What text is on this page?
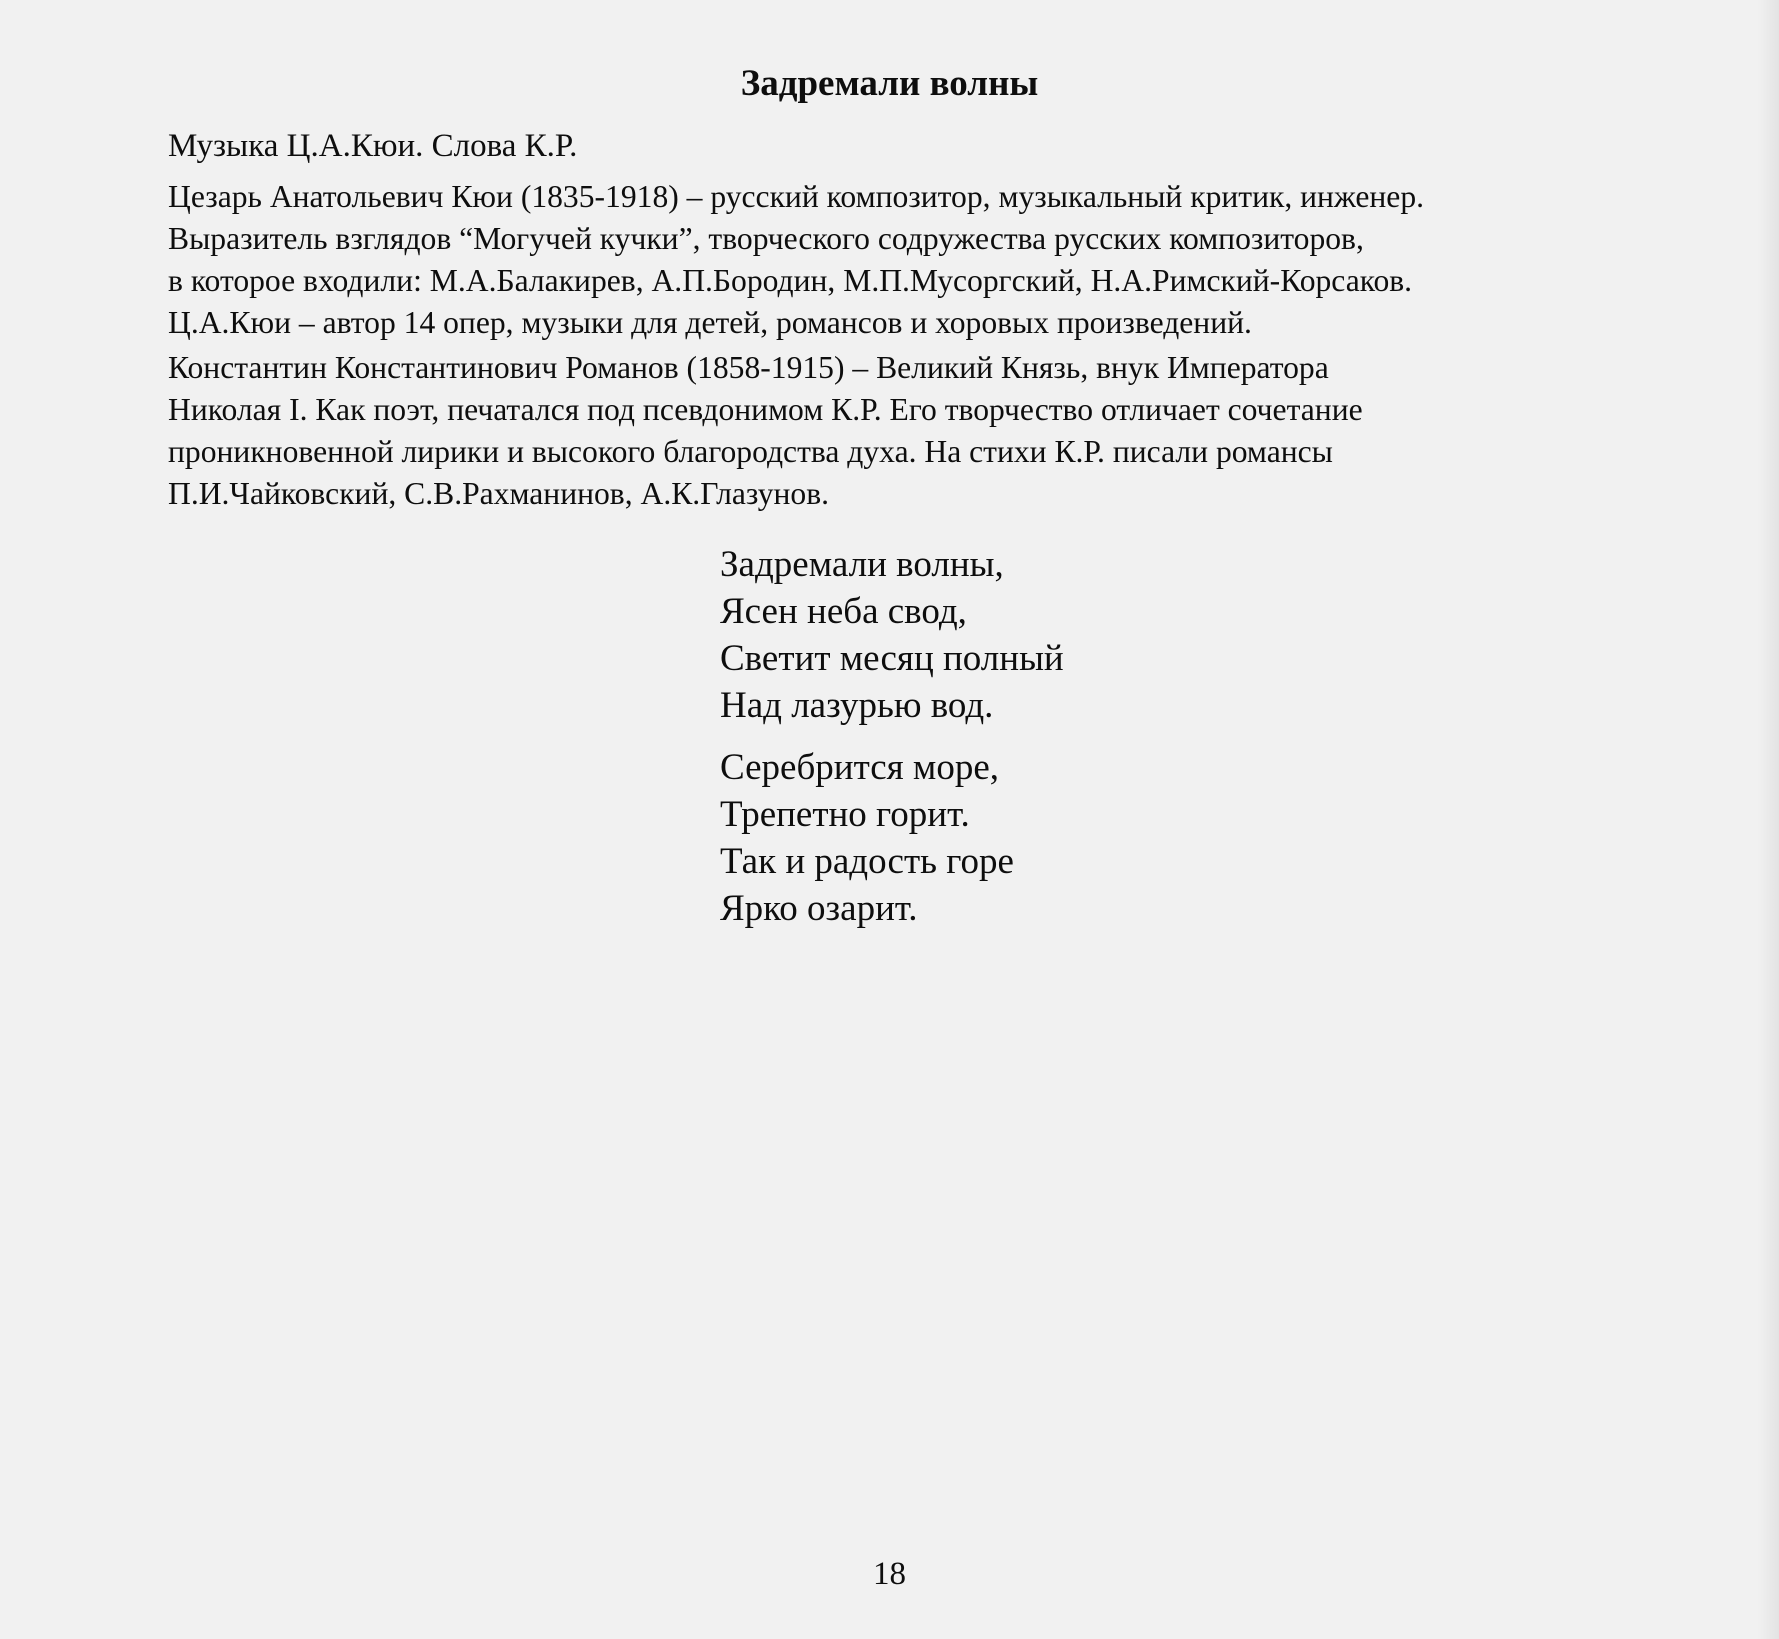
Задремали волны
Музыка Ц.А.Кюи. Слова К.Р.
Цезарь Анатольевич Кюи (1835-1918) – русский композитор, музыкальный критик, инженер.
Выразитель взглядов “Могучей кучки”, творческого содружества русских композиторов,
в которое входили: М.А.Балакирев, А.П.Бородин, М.П.Мусоргский, Н.А.Римский-Корсаков.
Ц.А.Кюи – автор 14 опер, музыки для детей, романсов и хоровых произведений.
Константин Константинович Романов (1858-1915) – Великий Князь, внук Императора
Николая I. Как поэт, печатался под псевдонимом К.Р. Его творчество отличает сочетание
проникновенной лирики и высокого благородства духа. На стихи К.Р. писали романсы
П.И.Чайковский, С.В.Рахманинов, А.К.Глазунов.
Задремали волны,
Ясен неба свод,
Светит месяц полный
Над лазурью вод.
Серебрится море,
Трепетно горит.
Так и радость горе
Ярко озарит.
18
